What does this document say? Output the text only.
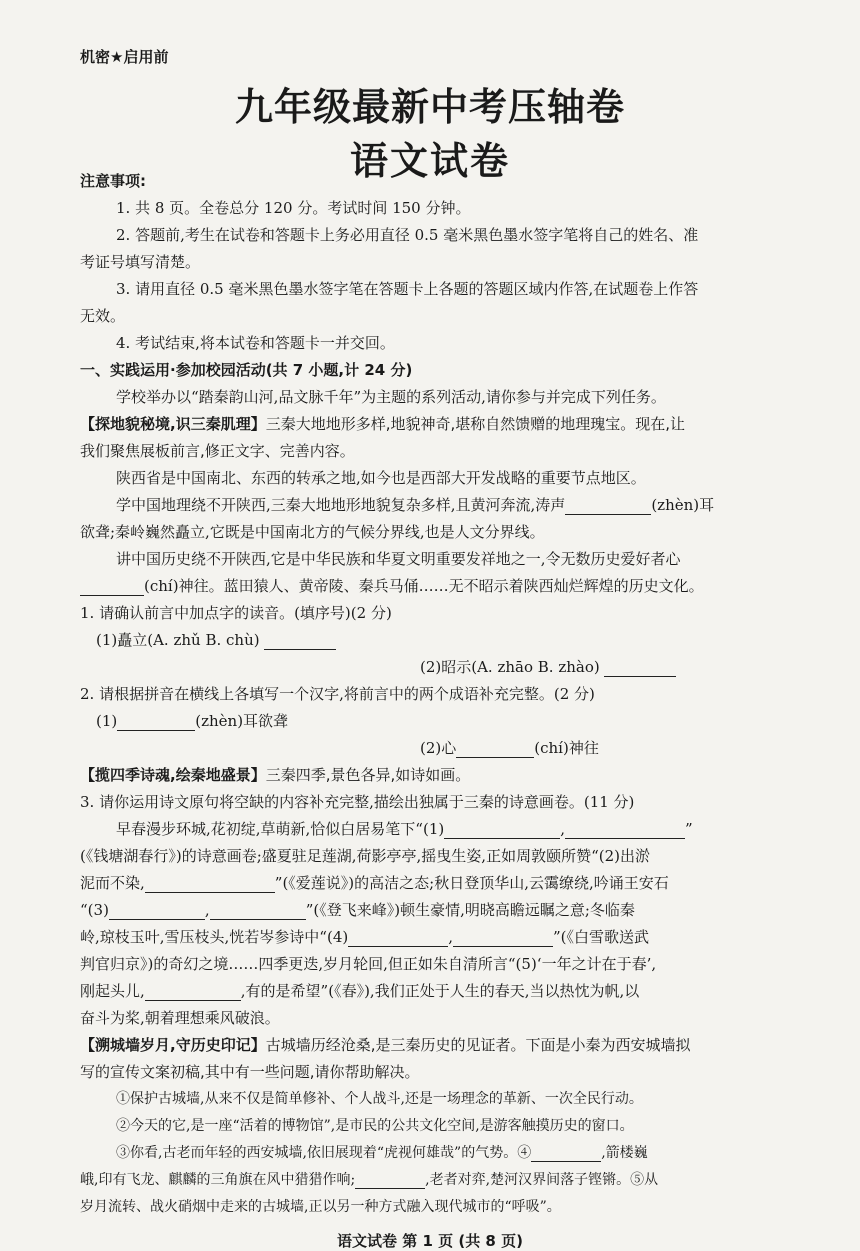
机密★启用前
九年级最新中考压轴卷
语文试卷
注意事项:
1. 共 8 页。全卷总分 120 分。考试时间 150 分钟。
2. 答题前,考生在试卷和答题卡上务必用直径 0.5 毫米黑色墨水签字笔将自己的姓名、准
考证号填写清楚。
3. 请用直径 0.5 毫米黑色墨水签字笔在答题卡上各题的答题区域内作答,在试题卷上作答
无效。
4. 考试结束,将本试卷和答题卡一并交回。
一、实践运用·参加校园活动(共 7 小题,计 24 分)
学校举办以“踏秦韵山河,品文脉千年”为主题的系列活动,请你参与并完成下列任务。
【探地貌秘境,识三秦肌理】三秦大地地形多样,地貌神奇,堪称自然馈赠的地理瑰宝。现在,让
我们聚焦展板前言,修正文字、完善内容。
陕西省是中国南北、东西的转承之地,如今也是西部大开发战略的重要节点地区。
学中国地理绕不开陕西,三秦大地地形地貌复杂多样,且黄河奔流,涛声	(zhèn)耳
欲聋;秦岭巍然矗立,它既是中国南北方的气候分界线,也是人文分界线。
讲中国历史绕不开陕西,它是中华民族和华夏文明重要发祥地之一,令无数历史爱好者心
(chí)神往。蓝田猿人、黄帝陵、秦兵马俑……无不昭示着陕西灿烂辉煌的历史文化。
1. 请确认前言中加点字的读音。(填序号)(2 分)
(1)矗立(A. zhǔ B. chù)
(2)昭示(A. zhāo B. zhào)
2. 请根据拼音在横线上各填写一个汉字,将前言中的两个成语补充完整。(2 分)
(1)	(zhèn)耳欲聋
(2)心	(chí)神往
【揽四季诗魂,绘秦地盛景】三秦四季,景色各异,如诗如画。
3. 请你运用诗文原句将空缺的内容补充完整,描绘出独属于三秦的诗意画卷。(11 分)
早春漫步环城,花初绽,草萌新,恰似白居易笔下“(1)	,	”
(《钱塘湖春行》)的诗意画卷;盛夏驻足莲湖,荷影亭亭,摇曳生姿,正如周敦颐所赞“(2)出淤
泥而不染,	”(《爱莲说》)的高洁之态;秋日登顶华山,云霭缭绕,吟诵王安石
“(3)	,	”(《登飞来峰》)顿生豪情,明晓高瞻远瞩之意;冬临秦
岭,琼枝玉叶,雪压枝头,恍若岑参诗中“(4)	,	”(《白雪歌送武
判官归京》)的奇幻之境……四季更迭,岁月轮回,但正如朱自清所言“(5)‘一年之计在于春’,
刚起头儿,	,有的是希望”(《春》),我们正处于人生的春天,当以热忱为帆,以
奋斗为桨,朝着理想乘风破浪。
【溯城墙岁月,守历史印记】古城墙历经沧桑,是三秦历史的见证者。下面是小秦为西安城墙拟
写的宣传文案初稿,其中有一些问题,请你帮助解决。
①保护古城墙,从来不仅是简单修补、个人战斗,还是一场理念的革新、一次全民行动。
②今天的它,是一座“活着的博物馆”,是市民的公共文化空间,是游客触摸历史的窗口。
③你看,古老而年轻的西安城墙,依旧展现着“虎视何雄哉”的气势。④	,箭楼巍
峨,印有飞龙、麒麟的三角旗在风中猎猎作响;	,老者对弈,楚河汉界间落子铿锵。⑤从
岁月流转、战火硝烟中走来的古城墙,正以另一种方式融入现代城市的“呼吸”。
语文试卷 第 1 页 (共 8 页)
